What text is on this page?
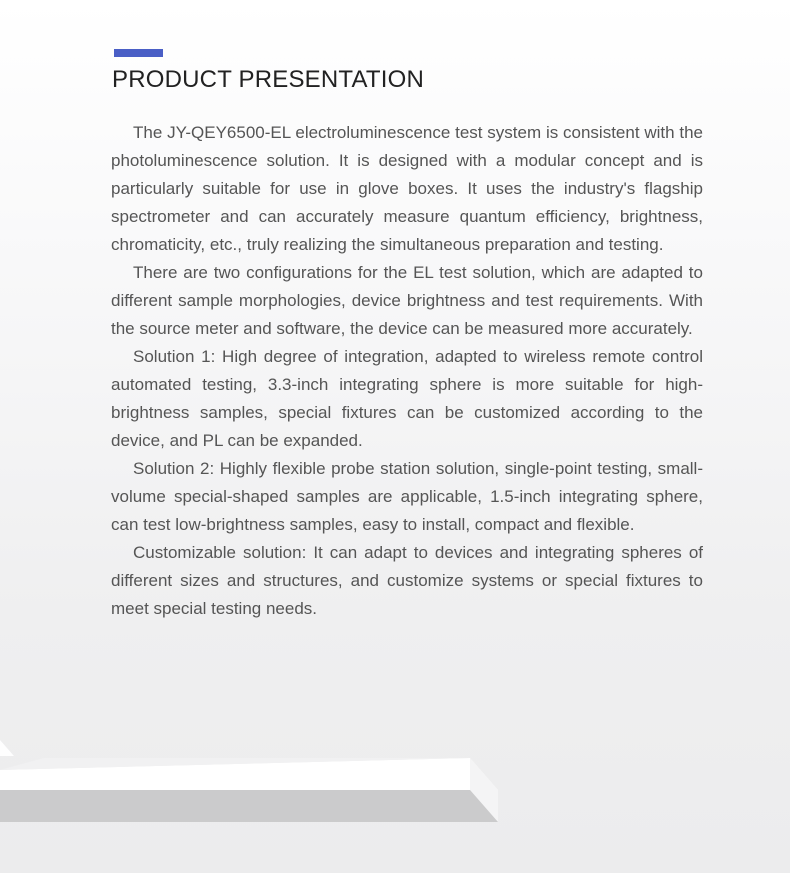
PRODUCT PRESENTATION

The JY-QEY6500-EL electroluminescence test system is consistent with the photoluminescence solution. It is designed with a modular concept and is particularly suitable for use in glove boxes. It uses the industry's flagship spectrometer and can accurately measure quantum efficiency, brightness, chromaticity, etc., truly realizing the simultaneous preparation and testing.

There are two configurations for the EL test solution, which are adapted to different sample morphologies, device brightness and test requirements. With the source meter and software, the device can be measured more accurately.

Solution 1: High degree of integration, adapted to wireless remote control automated testing, 3.3-inch integrating sphere is more suitable for high-brightness samples, special fixtures can be customized according to the device, and PL can be expanded.

Solution 2: Highly flexible probe station solution, single-point testing, small-volume special-shaped samples are applicable, 1.5-inch integrating sphere, can test low-brightness samples, easy to install, compact and flexible.

Customizable solution: It can adapt to devices and integrating spheres of different sizes and structures, and customize systems or special fixtures to meet special testing needs.
